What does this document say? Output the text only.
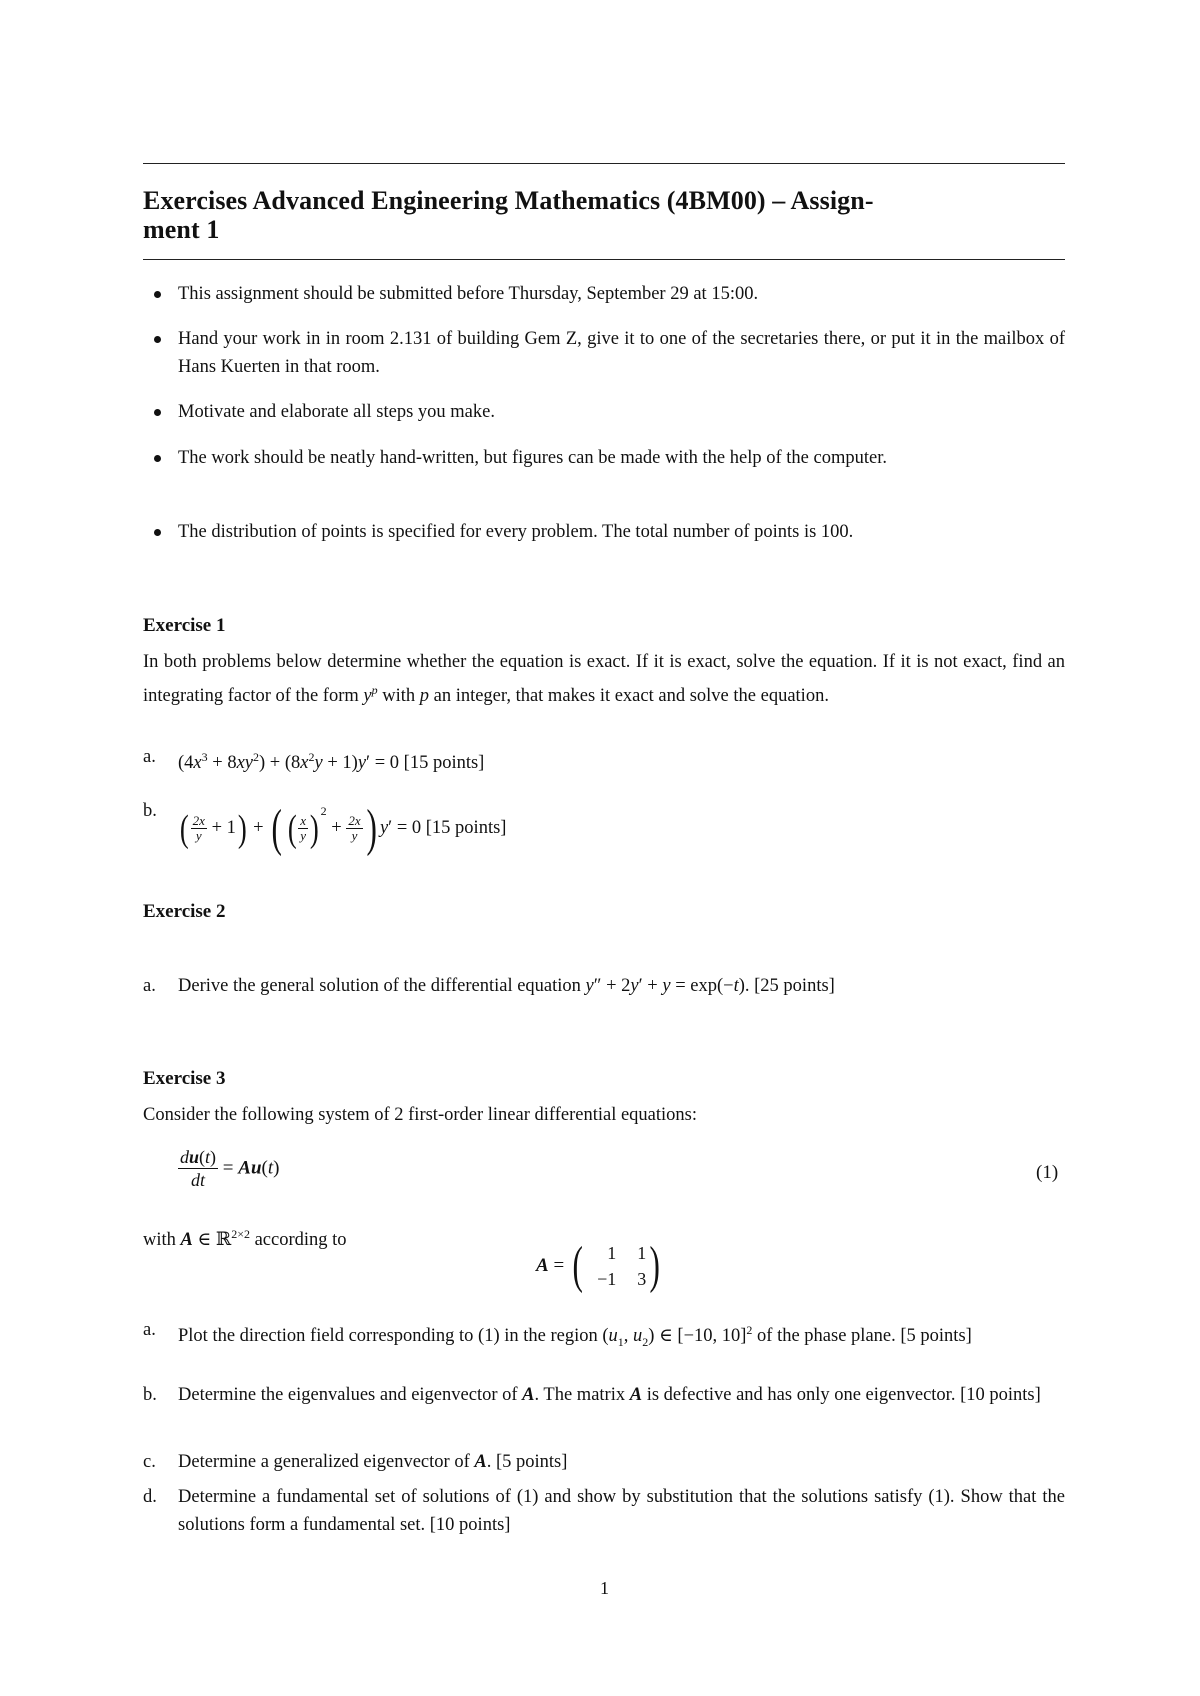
Exercises Advanced Engineering Mathematics (4BM00) – Assign-
ment 1
This assignment should be submitted before Thursday, September 29 at 15:00.
Hand your work in in room 2.131 of building Gem Z, give it to one of the secretaries there, or put it in the mailbox of Hans Kuerten in that room.
Motivate and elaborate all steps you make.
The work should be neatly hand-written, but figures can be made with the help of the computer.
The distribution of points is specified for every problem. The total number of points is 100.
Exercise 1
In both problems below determine whether the equation is exact. If it is exact, solve the equation. If it is not exact, find an integrating factor of the form $y^p$ with p an integer, that makes it exact and solve the equation.
a. $(4x^3 + 8xy^2) + (8x^2y + 1)y' = 0$ [15 points]
b. ( $\frac{2x}{y} + 1$) + ( ( $\frac{x}{y}$ ) $^2 + \frac{2x}{y}$ ) y′ = 0 [15 points]
Exercise 2
a. Derive the general solution of the differential equation y″ + 2y′ + y = exp(−t). [25 points]
Exercise 3
Consider the following system of 2 first-order linear differential equations:
$\frac{du(t)}{dt} = Au(t)$	(1)
with A ∈ ℝ$^{2\times 2}$ according to
A = (	1	1
−1	3 )
a. Plot the direction field corresponding to (1) in the region ($u_1$, $u_2$) ∈ [−10, 10]$^2$ of the phase plane. [5 points]
b. Determine the eigenvalues and eigenvector of A. The matrix A is defective and has only one eigenvector. [10 points]
c. Determine a generalized eigenvector of A. [5 points]
d. Determine a fundamental set of solutions of (1) and show by substitution that the solutions satisfy (1). Show that the solutions form a fundamental set. [10 points]
1
